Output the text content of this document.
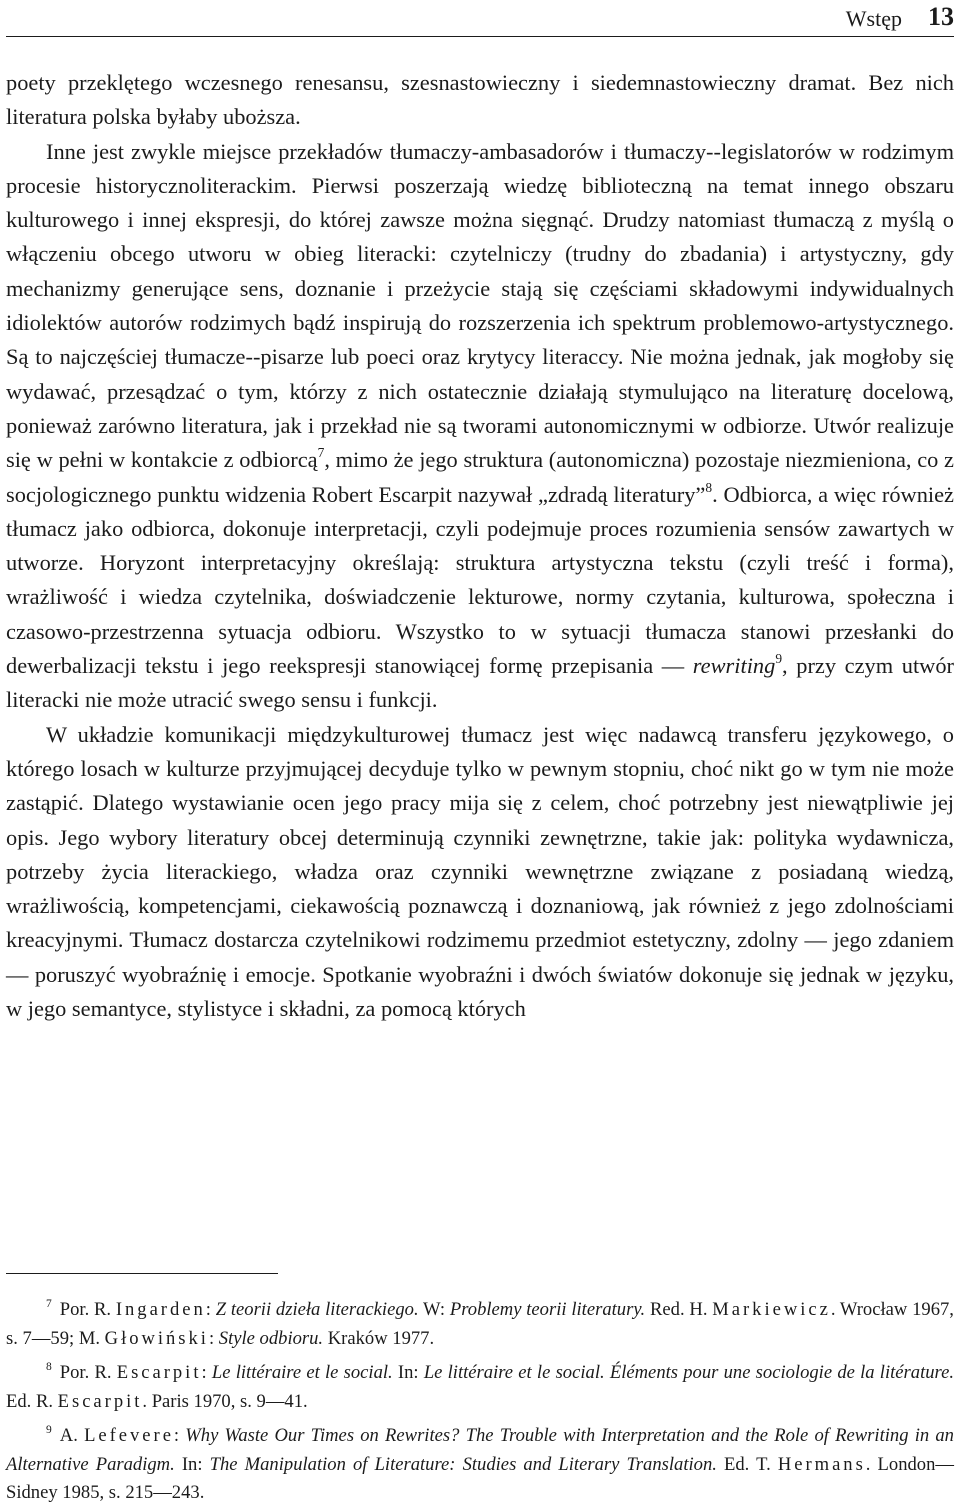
Wstęp 13

poety przeklętego wczesnego renesansu, szesnastowieczny i siedemnastowieczny dramat. Bez nich literatura polska byłaby uboższa.

Inne jest zwykle miejsce przekładów tłumaczy-ambasadorów i tłumaczy--legislatorów w rodzimym procesie historycznoliterackim. Pierwsi poszerzają wiedzę biblioteczną na temat innego obszaru kulturowego i innej ekspresji, do której zawsze można sięgnąć. Drudzy natomiast tłumaczą z myślą o włączeniu obcego utworu w obieg literacki: czytelniczy (trudny do zbadania) i artystyczny, gdy mechanizmy generujące sens, doznanie i przeżycie stają się częściami składowymi indywidualnych idiolektów autorów rodzimych bądź inspirują do rozszerzenia ich spektrum problemowo-artystycznego. Są to najczęściej tłumacze--pisarze lub poeci oraz krytycy literaccy. Nie można jednak, jak mogłoby się wydawać, przesądzać o tym, którzy z nich ostatecznie działają stymulująco na literaturę docelową, ponieważ zarówno literatura, jak i przekład nie są tworami autonomicznymi w odbiorze. Utwór realizuje się w pełni w kontakcie z odbiorcą$^7$, mimo że jego struktura (autonomiczna) pozostaje niezmieniona, co z socjologicznego punktu widzenia Robert Escarpit nazywał „zdradą literatury”$^8$. Odbiorca, a więc również tłumacz jako odbiorca, dokonuje interpretacji, czyli podejmuje proces rozumienia sensów zawartych w utworze. Horyzont interpretacyjny określają: struktura artystyczna tekstu (czyli treść i forma), wrażliwość i wiedza czytelnika, doświadczenie lekturowe, normy czytania, kulturowa, społeczna i czasowo-przestrzenna sytuacja odbioru. Wszystko to w sytuacji tłumacza stanowi przesłanki do dewerbalizacji tekstu i jego reekspresji stanowiącej formę przepisania — rewriting$^9$, przy czym utwór literacki nie może utracić swego sensu i funkcji.

W układzie komunikacji międzykulturowej tłumacz jest więc nadawcą transferu językowego, o którego losach w kulturze przyjmującej decyduje tylko w pewnym stopniu, choć nikt go w tym nie może zastąpić. Dlatego wystawianie ocen jego pracy mija się z celem, choć potrzebny jest niewątpliwie jej opis. Jego wybory literatury obcej determinują czynniki zewnętrzne, takie jak: polityka wydawnicza, potrzeby życia literackiego, władza oraz czynniki wewnętrzne związane z posiadaną wiedzą, wrażliwością, kompetencjami, ciekawością poznawczą i doznaniową, jak również z jego zdolnościami kreacyjnymi. Tłumacz dostarcza czytelnikowi rodzimemu przedmiot estetyczny, zdolny — jego zdaniem — poruszyć wyobraźnię i emocje. Spotkanie wyobraźni i dwóch światów dokonuje się jednak w języku, w jego semantyce, stylistyce i składni, za pomocą których

$^7$ Por. R. Ingarden: Z teorii dzieła literackiego. W: Problemy teorii literatury. Red. H. Markiewicz. Wrocław 1967, s. 7—59; M. Głowiński: Style odbioru. Kraków 1977.

$^8$ Por. R. Escarpit: Le littéraire et le social. In: Le littéraire et le social. Éléments pour une sociologie de la litérature. Ed. R. Escarpit. Paris 1970, s. 9—41.

$^9$ A. Lefevere: Why Waste Our Times on Rewrites? The Trouble with Interpretation and the Role of Rewriting in an Alternative Paradigm. In: The Manipulation of Literature: Studies and Literary Translation. Ed. T. Hermans. London—Sidney 1985, s. 215—243.
